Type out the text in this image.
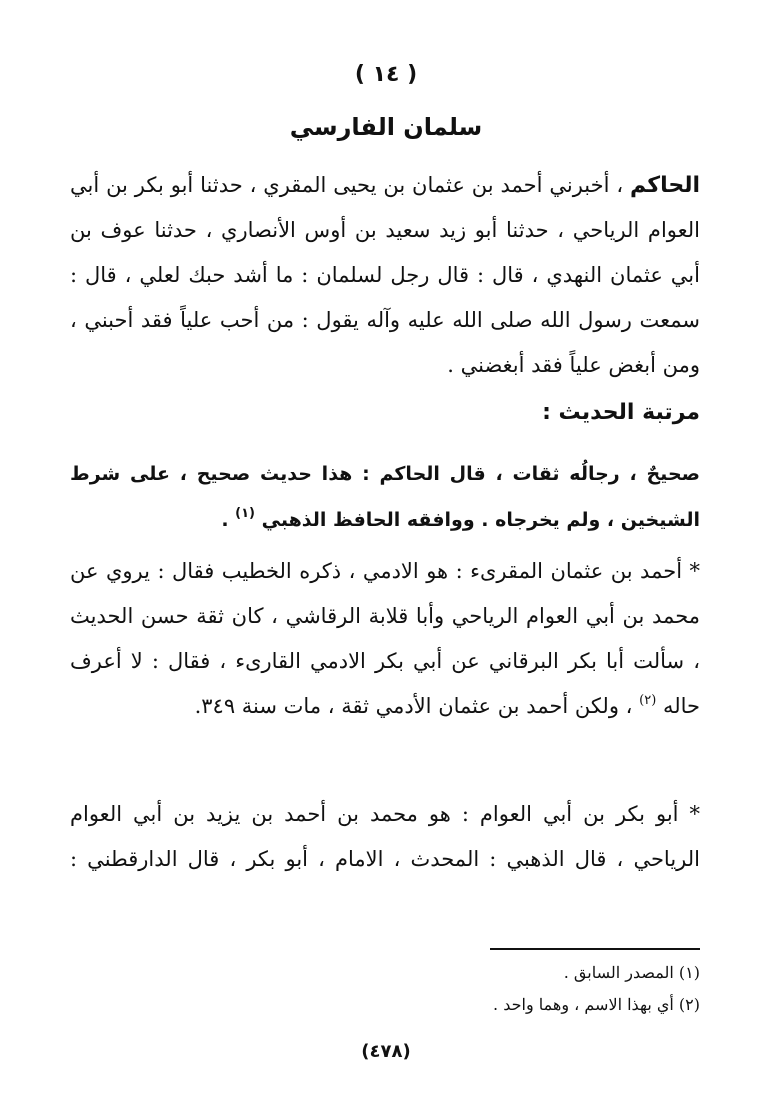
( ١٤ )
سلمان الفارسي
الحاكم ، أخبرني أحمد بن عثمان بن يحيى المقري ، حدثنا أبو بكر بن أبي العوام الرياحي ، حدثنا أبو زيد سعيد بن أوس الأنصاري ، حدثنا عوف بن أبي عثمان النهدي ، قال : قال رجل لسلمان : ما أشد حبك لعلي ، قال : سمعت رسول الله صلى الله عليه وآله يقول : من أحب علياً فقد أحبني ، ومن أبغض علياً فقد أبغضني .
مرتبة الحديث :
صحيحٌ ، رجالُه ثقات ، قال الحاكم : هذا حديث صحيح ، على شرط الشيخين ، ولم يخرجاه . ووافقه الحافظ الذهبي $^{(١)}$ .
* أحمد بن عثمان المقرىء : هو الادمي ، ذكره الخطيب فقال : يروي عن محمد بن أبي العوام الرياحي وأبا قلابة الرقاشي ، كان ثقة حسن الحديث ، سألت أبا بكر البرقاني عن أبي بكر الادمي القارىء ، فقال : لا أعرف حاله $^{(٢)}$ ، ولكن أحمد بن عثمان الأدمي ثقة ، مات سنة ٣٤٩.
* أبو بكر بن أبي العوام : هو محمد بن أحمد بن يزيد بن أبي العوام الرياحي ، قال الذهبي : المحدث ، الامام ، أبو بكر ، قال الدارقطني :
(١) المصدر السابق .
(٢) أي بهذا الاسم ، وهما واحد .
(٤٧٨)
